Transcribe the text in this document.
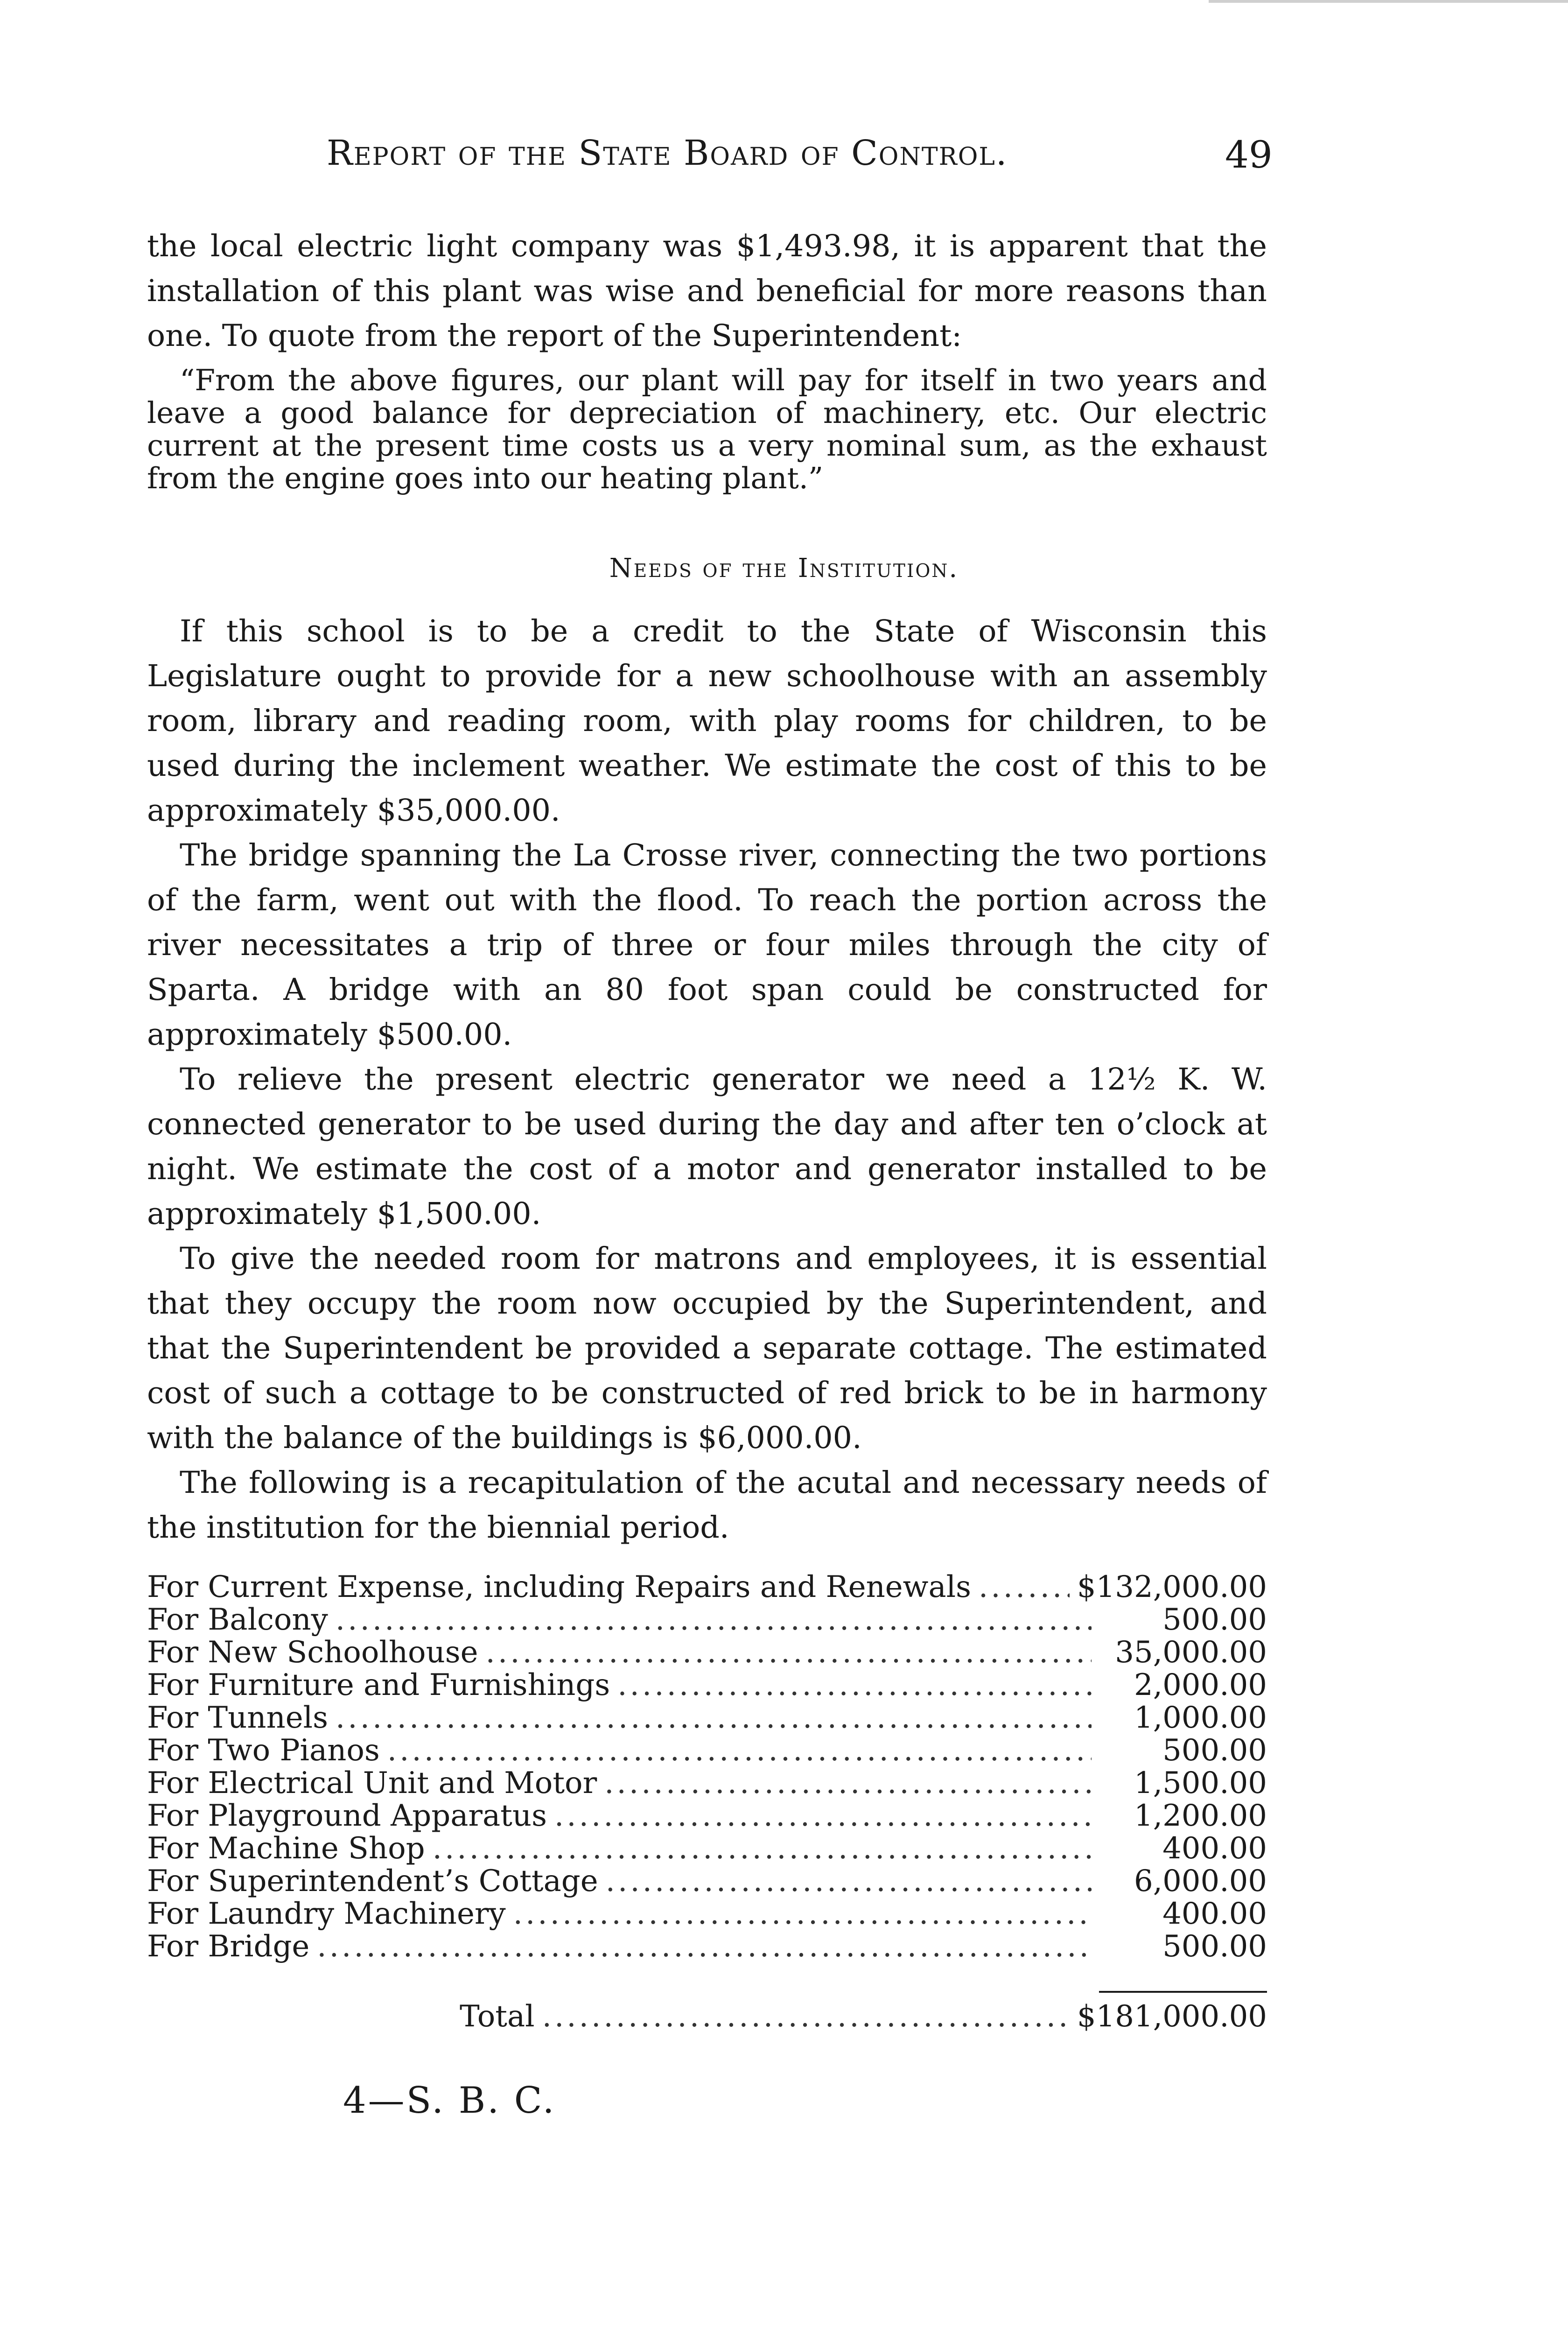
Report of the State Board of Control.	49

the local electric light company was $1,493.98, it is apparent that the installation of this plant was wise and beneficial for more reasons than one. To quote from the report of the Superintendent:

“From the above figures, our plant will pay for itself in two years and leave a good balance for depreciation of machinery, etc. Our electric current at the present time costs us a very nominal sum, as the exhaust from the engine goes into our heating plant.”

Needs of the Institution.

If this school is to be a credit to the State of Wisconsin this Legislature ought to provide for a new schoolhouse with an assembly room, library and reading room, with play rooms for children, to be used during the inclement weather. We estimate the cost of this to be approximately $35,000.00.

The bridge spanning the La Crosse river, connecting the two portions of the farm, went out with the flood. To reach the portion across the river necessitates a trip of three or four miles through the city of Sparta. A bridge with an 80 foot span could be constructed for approximately $500.00.

To relieve the present electric generator we need a 12½ K. W. connected generator to be used during the day and after ten o’clock at night. We estimate the cost of a motor and generator installed to be approximately $1,500.00.

To give the needed room for matrons and employees, it is essential that they occupy the room now occupied by the Superintendent, and that the Superintendent be provided a separate cottage. The estimated cost of such a cottage to be constructed of red brick to be in harmony with the balance of the buildings is $6,000.00.

The following is a recapitulation of the acutal and necessary needs of the institution for the biennial period.

For Current Expense, including Repairs and Renewals .....	$132,000.00
For Balcony .....	500.00
For New Schoolhouse .....	35,000.00
For Furniture and Furnishings .....	2,000.00
For Tunnels .....	1,000.00
For Two Pianos .....	500.00
For Electrical Unit and Motor .....	1,500.00
For Playground Apparatus .....	1,200.00
For Machine Shop .....	400.00
For Superintendent’s Cottage .....	6,000.00
For Laundry Machinery .....	400.00
For Bridge .....	500.00
Total .....	$181,000.00
4—S. B. C.
